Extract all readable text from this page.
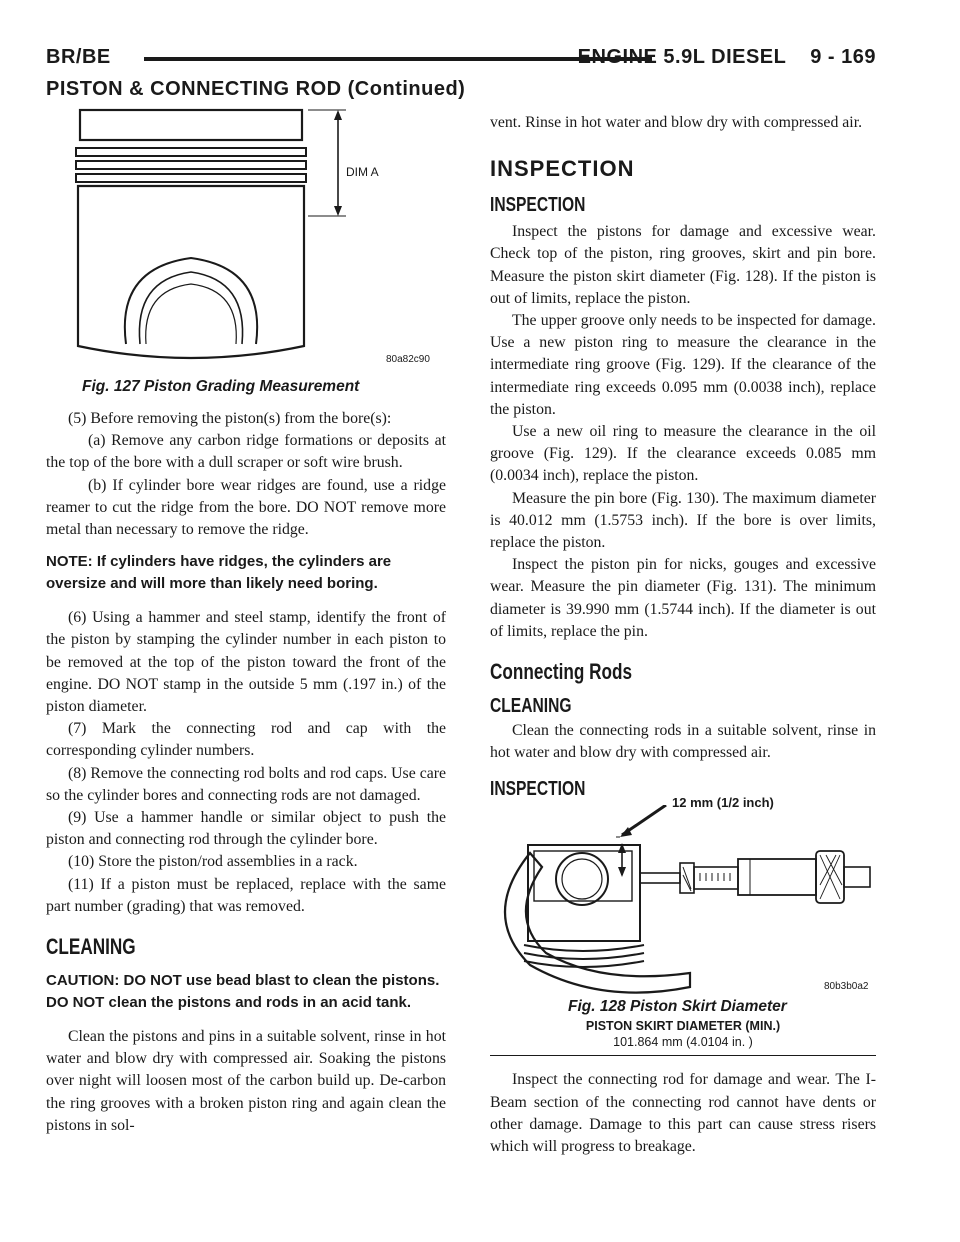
BR/BE	ENGINE 5.9L DIESEL    9 - 169
PISTON & CONNECTING ROD (Continued)
DIM A
80a82c90
Fig. 127 Piston Grading Measurement

(5) Before removing the piston(s) from the bore(s):

(a) Remove any carbon ridge formations or deposits at the top of the bore with a dull scraper or soft wire brush.

(b) If cylinder bore wear ridges are found, use a ridge reamer to cut the ridge from the bore. DO NOT remove more metal than necessary to remove the ridge.

NOTE: If cylinders have ridges, the cylinders are oversize and will more than likely need boring.

(6) Using a hammer and steel stamp, identify the front of the piston by stamping the cylinder number in each piston to be removed at the top of the piston toward the front of the engine. DO NOT stamp in the outside 5 mm (.197 in.) of the piston diameter.

(7) Mark the connecting rod and cap with the corresponding cylinder numbers.

(8) Remove the connecting rod bolts and rod caps. Use care so the cylinder bores and connecting rods are not damaged.

(9) Use a hammer handle or similar object to push the piston and connecting rod through the cylinder bore.

(10) Store the piston/rod assemblies in a rack.

(11) If a piston must be replaced, replace with the same part number (grading) that was removed.

CLEANING

CAUTION: DO NOT use bead blast to clean the pistons. DO NOT clean the pistons and rods in an acid tank.

Clean the pistons and pins in a suitable solvent, rinse in hot water and blow dry with compressed air. Soaking the pistons over night will loosen most of the carbon build up. De-carbon the ring grooves with a broken piston ring and again clean the pistons in sol-

vent. Rinse in hot water and blow dry with compressed air.

INSPECTION

INSPECTION

Inspect the pistons for damage and excessive wear. Check top of the piston, ring grooves, skirt and pin bore. Measure the piston skirt diameter (Fig. 128). If the piston is out of limits, replace the piston.

The upper groove only needs to be inspected for damage. Use a new piston ring to measure the clearance in the intermediate ring groove (Fig. 129). If the clearance of the intermediate ring exceeds 0.095 mm (0.0038 inch), replace the piston.

Use a new oil ring to measure the clearance in the oil groove (Fig. 129). If the clearance exceeds 0.085 mm (0.0034 inch), replace the piston.

Measure the pin bore (Fig. 130). The maximum diameter is 40.012 mm (1.5753 inch). If the bore is over limits, replace the piston.

Inspect the piston pin for nicks, gouges and excessive wear. Measure the pin diameter (Fig. 131). The minimum diameter is 39.990 mm (1.5744 inch). If the diameter is out of limits, replace the pin.

Connecting Rods
CLEANING

Clean the connecting rods in a suitable solvent, rinse in hot water and blow dry with compressed air.

INSPECTION
12 mm (1/2 inch)
80b3b0a2
Fig. 128 Piston Skirt Diameter
PISTON SKIRT DIAMETER (MIN.)
101.864 mm (4.0104 in. )

Inspect the connecting rod for damage and wear. The I-Beam section of the connecting rod cannot have dents or other damage. Damage to this part can cause stress risers which will progress to breakage.
